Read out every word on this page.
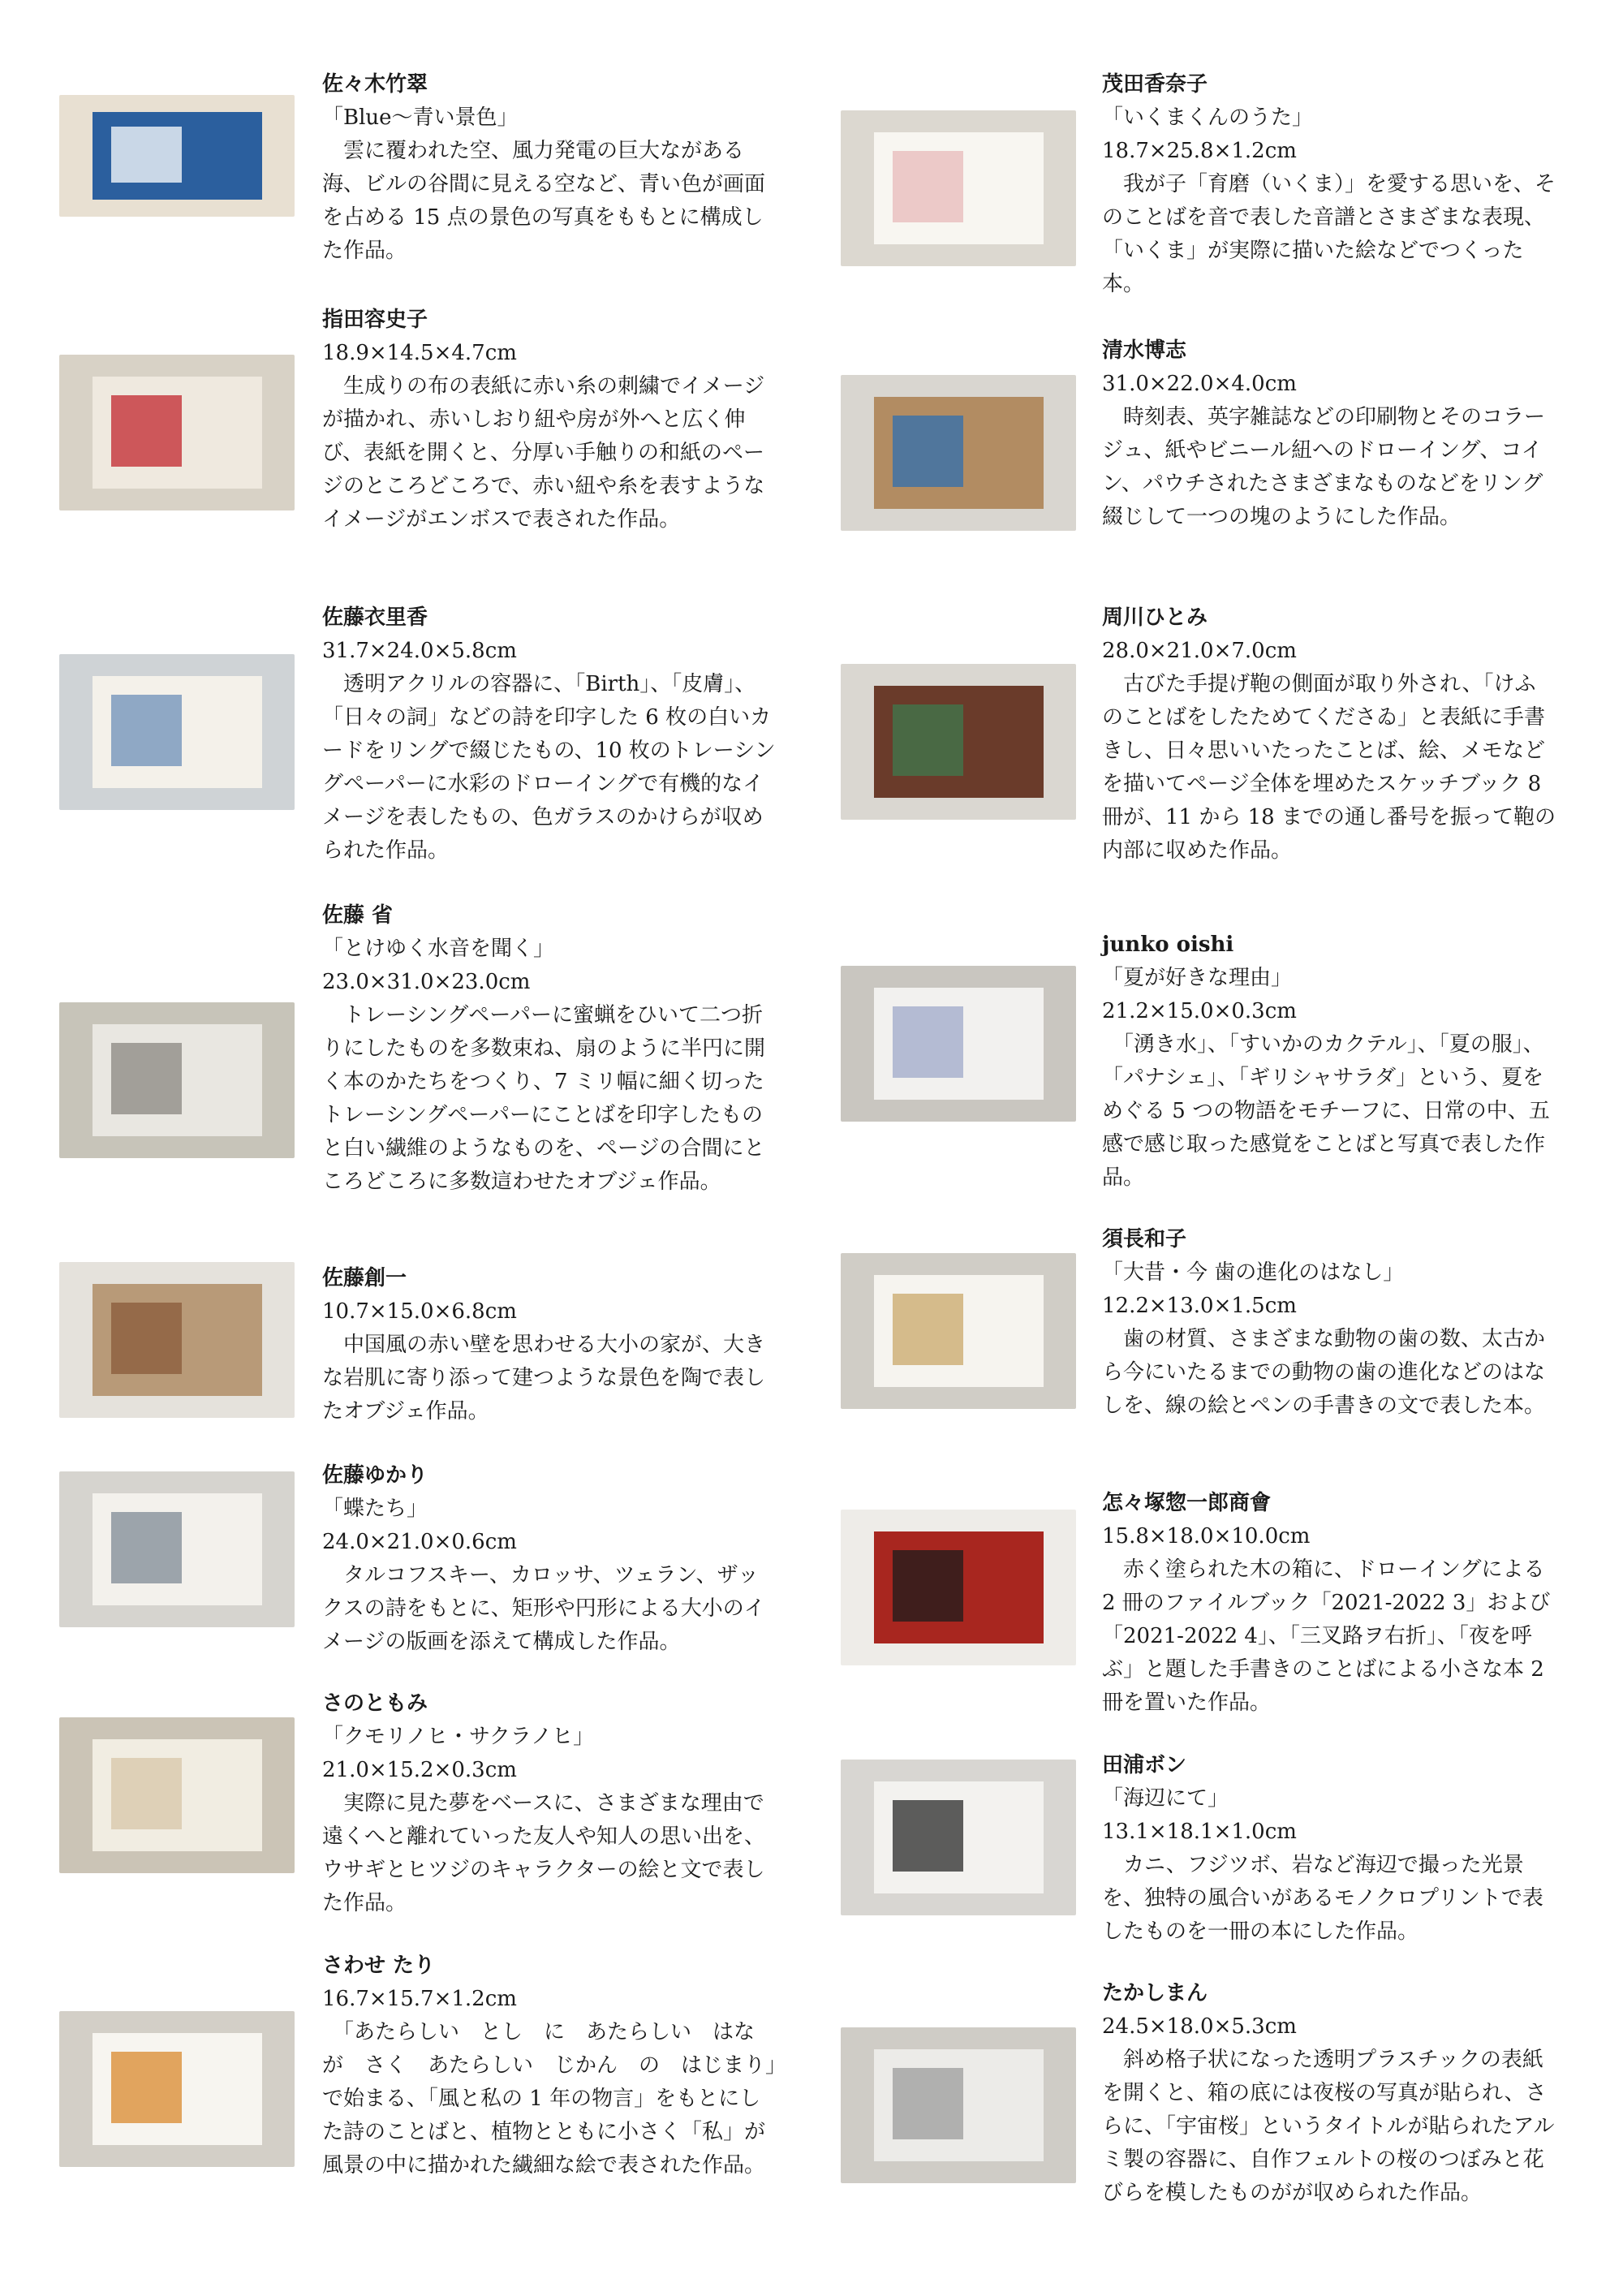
佐々木竹翠
「Blue〜青い景色」
　雲に覆われた空、風力発電の巨大ながある海、ビルの谷間に見える空など、青い色が画面を占める 15 点の景色の写真をももとに構成した作品。
指田容史子
18.9×14.5×4.7cm
　生成りの布の表紙に赤い糸の刺繍でイメージが描かれ、赤いしおり紐や房が外へと広く伸び、表紙を開くと、分厚い手触りの和紙のページのところどころで、赤い紐や糸を表すようなイメージがエンボスで表された作品。
佐藤衣里香
31.7×24.0×5.8cm
　透明アクリルの容器に、「Birth」、「皮膚」、「日々の詞」などの詩を印字した 6 枚の白いカードをリングで綴じたもの、10 枚のトレーシングペーパーに水彩のドローイングで有機的なイメージを表したもの、色ガラスのかけらが収められた作品。
佐藤 省
「とけゆく水音を聞く」
23.0×31.0×23.0cm
　トレーシングペーパーに蜜蝋をひいて二つ折りにしたものを多数束ね、扇のように半円に開く本のかたちをつくり、7 ミリ幅に細く切ったトレーシングペーパーにことばを印字したものと白い繊維のようなものを、ページの合間にところどころに多数這わせたオブジェ作品。
佐藤創一
10.7×15.0×6.8cm
　中国風の赤い壁を思わせる大小の家が、大きな岩肌に寄り添って建つような景色を陶で表したオブジェ作品。
佐藤ゆかり
「蝶たち」
24.0×21.0×0.6cm
　タルコフスキー、カロッサ、ツェラン、ザックスの詩をもとに、矩形や円形による大小のイメージの版画を添えて構成した作品。
さのともみ
「クモリノヒ・サクラノヒ」
21.0×15.2×0.3cm
　実際に見た夢をベースに、さまざまな理由で遠くへと離れていった友人や知人の思い出を、ウサギとヒツジのキャラクターの絵と文で表した作品。
さわせ たり
16.7×15.7×1.2cm
　「あたらしい　とし　に　あたらしい　はな　が　さく　あたらしい　じかん　の　はじまり」で始まる、「風と私の 1 年の物言」をもとにした詩のことばと、植物とともに小さく「私」が風景の中に描かれた繊細な絵で表された作品。
茂田香奈子
「いくまくんのうた」
18.7×25.8×1.2cm
　我が子「育磨（いくま）」を愛する思いを、そのことばを音で表した音譜とさまざまな表現、「いくま」が実際に描いた絵などでつくった本。
清水博志
31.0×22.0×4.0cm
　時刻表、英字雑誌などの印刷物とそのコラージュ、紙やビニール紐へのドローイング、コイン、パウチされたさまざまなものなどをリング綴じして一つの塊のようにした作品。
周川ひとみ
28.0×21.0×7.0cm
　古びた手提げ鞄の側面が取り外され、「けふのことばをしたためてくださゐ」と表紙に手書きし、日々思いいたったことば、絵、メモなどを描いてページ全体を埋めたスケッチブック 8 冊が、11 から 18 までの通し番号を振って鞄の内部に収めた作品。
junko oishi
「夏が好きな理由」
21.2×15.0×0.3cm
　「湧き水」、「すいかのカクテル」、「夏の服」、「パナシェ」、「ギリシャサラダ」という、夏をめぐる 5 つの物語をモチーフに、日常の中、五感で感じ取った感覚をことばと写真で表した作品。
須長和子
「大昔・今 歯の進化のはなし」
12.2×13.0×1.5cm
　歯の材質、さまざまな動物の歯の数、太古から今にいたるまでの動物の歯の進化などのはなしを、線の絵とペンの手書きの文で表した本。
怎々塚惣一郎商會
15.8×18.0×10.0cm
　赤く塗られた木の箱に、ドローイングによる 2 冊のファイルブック「2021-2022 3」および「2021-2022 4」、「三叉路ヲ右折」、「夜を呼ぶ」と題した手書きのことばによる小さな本 2 冊を置いた作品。
田浦ボン
「海辺にて」
13.1×18.1×1.0cm
　カニ、フジツボ、岩など海辺で撮った光景を、独特の風合いがあるモノクロプリントで表したものを一冊の本にした作品。
たかしまん
24.5×18.0×5.3cm
　斜め格子状になった透明プラスチックの表紙を開くと、箱の底には夜桜の写真が貼られ、さらに、「宇宙桜」というタイトルが貼られたアルミ製の容器に、自作フェルトの桜のつぼみと花びらを模したものがが収められた作品。
